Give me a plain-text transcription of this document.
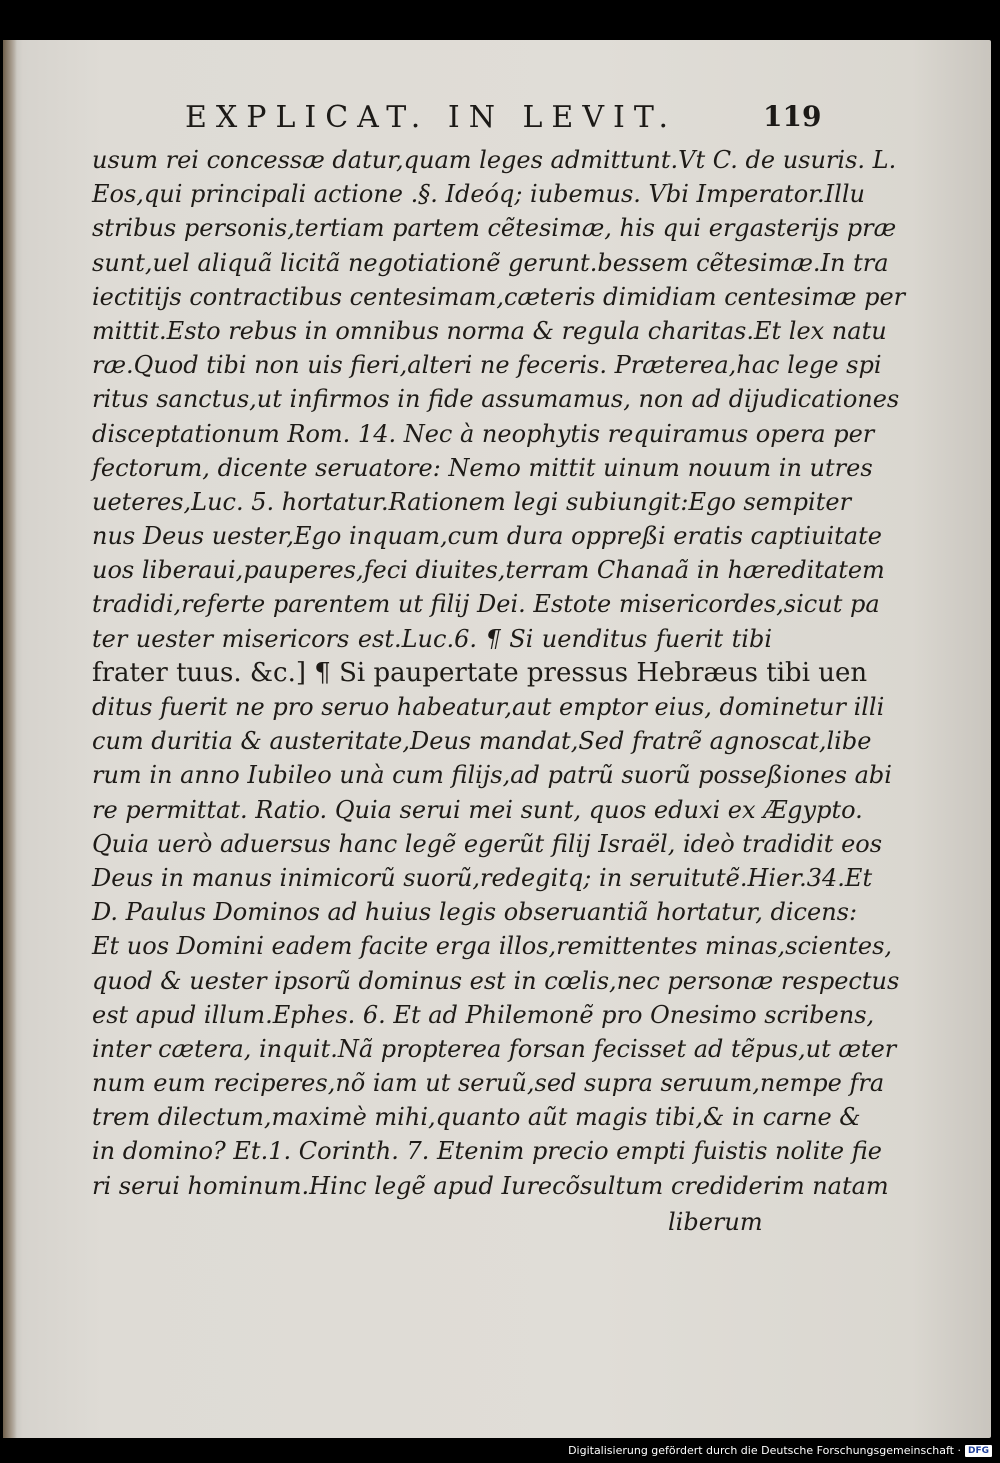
EXPLICAT. IN LEVIT.	119
usum rei concessæ datur,quam leges admittunt.Vt C. de usuris. L.
Eos,qui principali actione .§. Ideóq; iubemus. Vbi Imperator.Illu
stribus personis,tertiam partem cẽtesimæ, his qui ergasterijs præ
sunt,uel aliquã licitã negotiationẽ gerunt.bessem cẽtesimæ.In tra
iectitijs contractibus centesimam,cæteris dimidiam centesimæ per
mittit.Esto rebus in omnibus norma & regula charitas.Et lex natu
ræ.Quod tibi non uis fieri,alteri ne feceris. Præterea,hac lege spi
ritus sanctus,ut infirmos in fide assumamus, non ad dijudicationes
disceptationum Rom. 14. Nec à neophytis requiramus opera per
fectorum, dicente seruatore: Nemo mittit uinum nouum in utres
ueteres,Luc. 5. hortatur.Rationem legi subiungit:Ego sempiter
nus Deus uester,Ego inquam,cum dura oppreßi eratis captiuitate
uos liberaui,pauperes,feci diuites,terram Chanaã in hæreditatem
tradidi,referte parentem ut filij Dei. Estote misericordes,sicut pa
ter uester misericors est.Luc.6. ¶ Si uenditus fuerit tibi
frater tuus. &c.] ¶ Si paupertate pressus Hebræus tibi uen
ditus fuerit ne pro seruo habeatur,aut emptor eius, dominetur illi
cum duritia & austeritate,Deus mandat,Sed fratrẽ agnoscat,libe
rum in anno Iubileo unà cum filijs,ad patrũ suorũ posseßiones abi
re permittat. Ratio. Quia serui mei sunt, quos eduxi ex Ægypto.
Quia uerò aduersus hanc legẽ egerũt filij Israël, ideò tradidit eos
Deus in manus inimicorũ suorũ,redegitq; in seruitutẽ.Hier.34.Et
D. Paulus Dominos ad huius legis obseruantiã hortatur, dicens:
Et uos Domini eadem facite erga illos,remittentes minas,scientes,
quod & uester ipsorũ dominus est in cœlis,nec personæ respectus
est apud illum.Ephes. 6. Et ad Philemonẽ pro Onesimo scribens,
inter cætera, inquit.Nã propterea forsan fecisset ad tẽpus,ut æter
num eum reciperes,nõ iam ut seruũ,sed supra seruum,nempe fra
trem dilectum,maximè mihi,quanto aũt magis tibi,& in carne &
in domino? Et.1. Corinth. 7. Etenim precio empti fuistis nolite fie
ri serui hominum.Hinc legẽ apud Iurecõsultum crediderim natam
liberum
Digitalisierung gefördert durch die Deutsche Forschungsgemeinschaft · DFG
